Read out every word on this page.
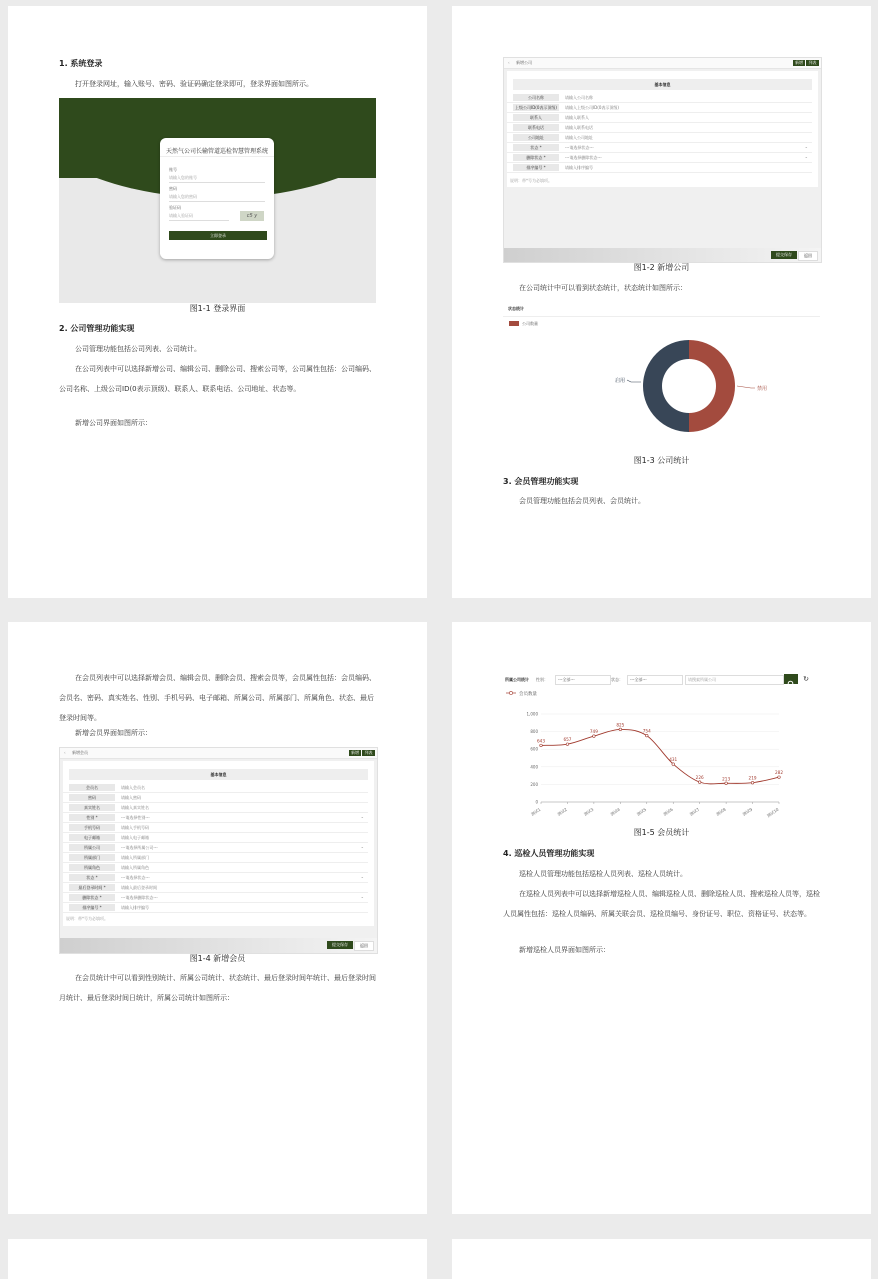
1. 系统登录
打开登录网址，输入账号、密码、验证码确定登录即可，登录界面如图所示。
天然气公司长输管道巡检智慧管理系统
账号
请输入您的账号
密码
请输入您的密码
验证码
请输入验证码	c5 y
立即登录
图1-1 登录界面
2. 公司管理功能实现
公司管理功能包括公司列表、公司统计。
在公司列表中可以选择新增公司、编辑公司、删除公司、搜索公司等，公司属性包括：公司编码、公司名称、上级公司ID(0表示顶级)、联系人、联系电话、公司地址、状态等。
新增公司界面如图所示：
‹ 新增公司	新增	列表
基本信息
公司名称	请输入公司名称
上级公司ID(0表示顶级)	请输入上级公司ID(0表示顶级)
联系人	请输入联系人
联系电话	请输入联系电话
公司地址	请输入公司地址
状态 *	---请选择状态---	⌄
删除状态 *	---请选择删除状态---	⌄
排序编号 *	请输入排序编号
说明：带*号为必填项。
提交保存	返回
图1-2 新增公司
在公司统计中可以看到状态统计，状态统计如图所示：
状态统计
公司数量
启用
禁用
图1-3 公司统计
3. 会员管理功能实现
会员管理功能包括会员列表、会员统计。
在会员列表中可以选择新增会员、编辑会员、删除会员、搜索会员等，会员属性包括：会员编码、会员名、密码、真实姓名、性别、手机号码、电子邮箱、所属公司、所属部门、所属角色、状态、最后登录时间等。
新增会员界面如图所示：
‹ 新增会员	新增	列表
基本信息
会员名	请输入会员名
密码	请输入密码
真实姓名	请输入真实姓名
性别 *	---请选择性别---	⌄
手机号码	请输入手机号码
电子邮箱	请输入电子邮箱
所属公司	---请选择所属公司---	⌄
所属部门	请输入所属部门
所属角色	请输入所属角色
状态 *	---请选择状态---	⌄
最后登录时间 *	请输入最后登录时间
删除状态 *	---请选择删除状态---	⌄
排序编号 *	请输入排序编号
说明：带*号为必填项。
提交保存	返回
图1-4 新增会员
在会员统计中可以看到性别统计、所属公司统计、状态统计、最后登录时间年统计、最后登录时间月统计、最后登录时间日统计，所属公司统计如图所示：
所属公司统计 性别：	---全部---	状态：	---全部---	请搜索所属公司	↻
会员数量
0
200
400
600
800
1,000
测试1	测试2	测试3	测试4	测试5	测试6	测试7	测试8	测试9	测试10
643	657
749
825
754
431
226	213	219
282
图1-5 会员统计
4. 巡检人员管理功能实现
巡检人员管理功能包括巡检人员列表、巡检人员统计。
在巡检人员列表中可以选择新增巡检人员、编辑巡检人员、删除巡检人员、搜索巡检人员等，巡检人员属性包括：巡检人员编码、所属关联会员、巡检员编号、身份证号、职位、资格证号、状态等。
新增巡检人员界面如图所示：
